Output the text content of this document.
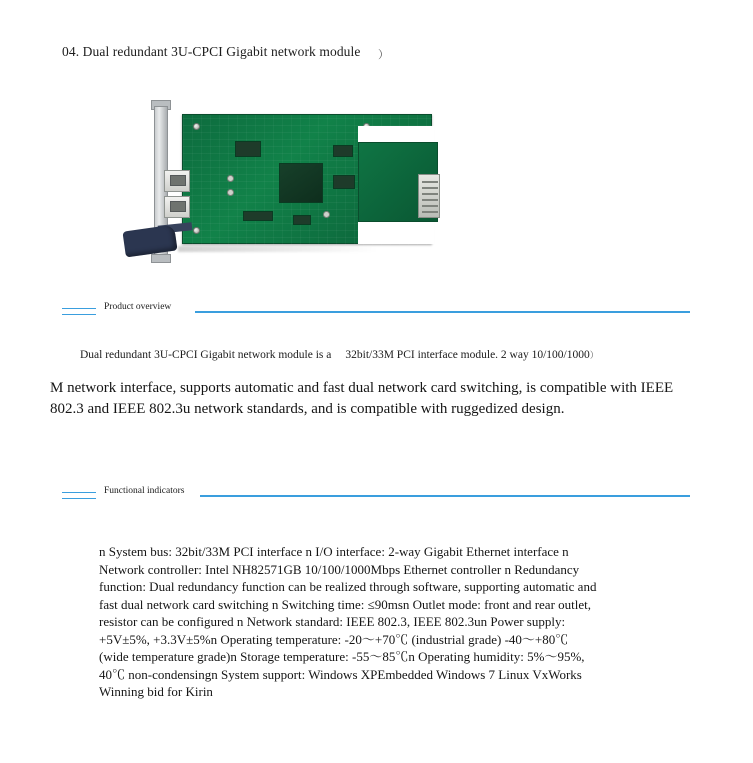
04. Dual redundant 3U-CPCI Gigabit network module ）
Product overview
Dual redundant 3U-CPCI Gigabit network module is a 32bit/33M PCI interface module. 2 way 10/100/1000）
M network interface, supports automatic and fast dual network card switching, is compatible with IEEE 802.3 and IEEE 802.3u network standards, and is compatible with ruggedized design.
Functional indicators
n System bus: 32bit/33M PCI interface n I/O interface: 2-way Gigabit Ethernet interface n Network controller: Intel NH82571GB 10/100/1000Mbps Ethernet controller n Redundancy function: Dual redundancy function can be realized through software, supporting automatic and fast dual network card switching n Switching time: ≤90msn Outlet mode: front and rear outlet, resistor can be configured n Network standard: IEEE 802.3, IEEE 802.3un Power supply: +5V±5%, +3.3V±5%n Operating temperature: -20～+70℃ (industrial grade) -40～+80℃ (wide temperature grade)n Storage temperature: -55～85℃n Operating humidity: 5%～95%, 40℃ non-condensingn System support: Windows XPEmbedded Windows 7 Linux VxWorks Winning bid for Kirin
